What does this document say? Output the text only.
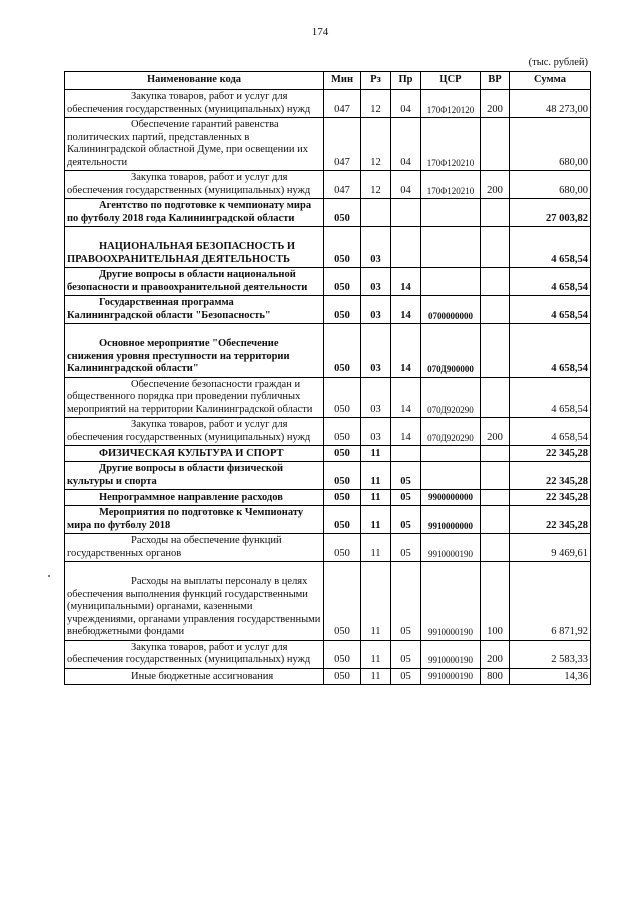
174
(тыс. рублей)
Наименование кода	Мин	Рз	Пр	ЦСР	ВР	Сумма
Закупка товаров, работ и услуг для обеспечения государственных (муниципальных) нужд	047	12	04	170Ф120120	200	48 273,00
Обеспечение гарантий равенства политических партий, представленных в Калининградской областной Думе, при освещении их деятельности	047	12	04	170Ф120210		680,00
Закупка товаров, работ и услуг для обеспечения государственных (муниципальных) нужд	047	12	04	170Ф120210	200	680,00
Агентство по подготовке к чемпионату мира по футболу 2018 года Калининградской области	050					27 003,82
НАЦИОНАЛЬНАЯ БЕЗОПАСНОСТЬ И ПРАВООХРАНИТЕЛЬНАЯ ДЕЯТЕЛЬНОСТЬ	050	03				4 658,54
Другие вопросы в области национальной безопасности и правоохранительной деятельности	050	03	14			4 658,54
Государственная программа Калининградской области "Безопасность"	050	03	14	0700000000		4 658,54
Основное мероприятие "Обеспечение снижения уровня преступности на территории Калининградской области"	050	03	14	070Д900000		4 658,54
Обеспечение безопасности граждан и общественного порядка при проведении публичных мероприятий на территории Калининградской области	050	03	14	070Д920290		4 658,54
Закупка товаров, работ и услуг для обеспечения государственных (муниципальных) нужд	050	03	14	070Д920290	200	4 658,54
ФИЗИЧЕСКАЯ КУЛЬТУРА И СПОРТ	050	11				22 345,28
Другие вопросы в области физической культуры и спорта	050	11	05			22 345,28
Непрограммное направление расходов	050	11	05	9900000000		22 345,28
Мероприятия по подготовке к Чемпионату мира по футболу 2018	050	11	05	9910000000		22 345,28
Расходы на обеспечение функций государственных органов	050	11	05	9910000190		9 469,61
Расходы на выплаты персоналу в целях обеспечения выполнения функций государственными (муниципальными) органами, казенными учреждениями, органами управления государственными внебюджетными фондами	050	11	05	9910000190	100	6 871,92
Закупка товаров, работ и услуг для обеспечения государственных (муниципальных) нужд	050	11	05	9910000190	200	2 583,33
Иные бюджетные ассигнования	050	11	05	9910000190	800	14,36
